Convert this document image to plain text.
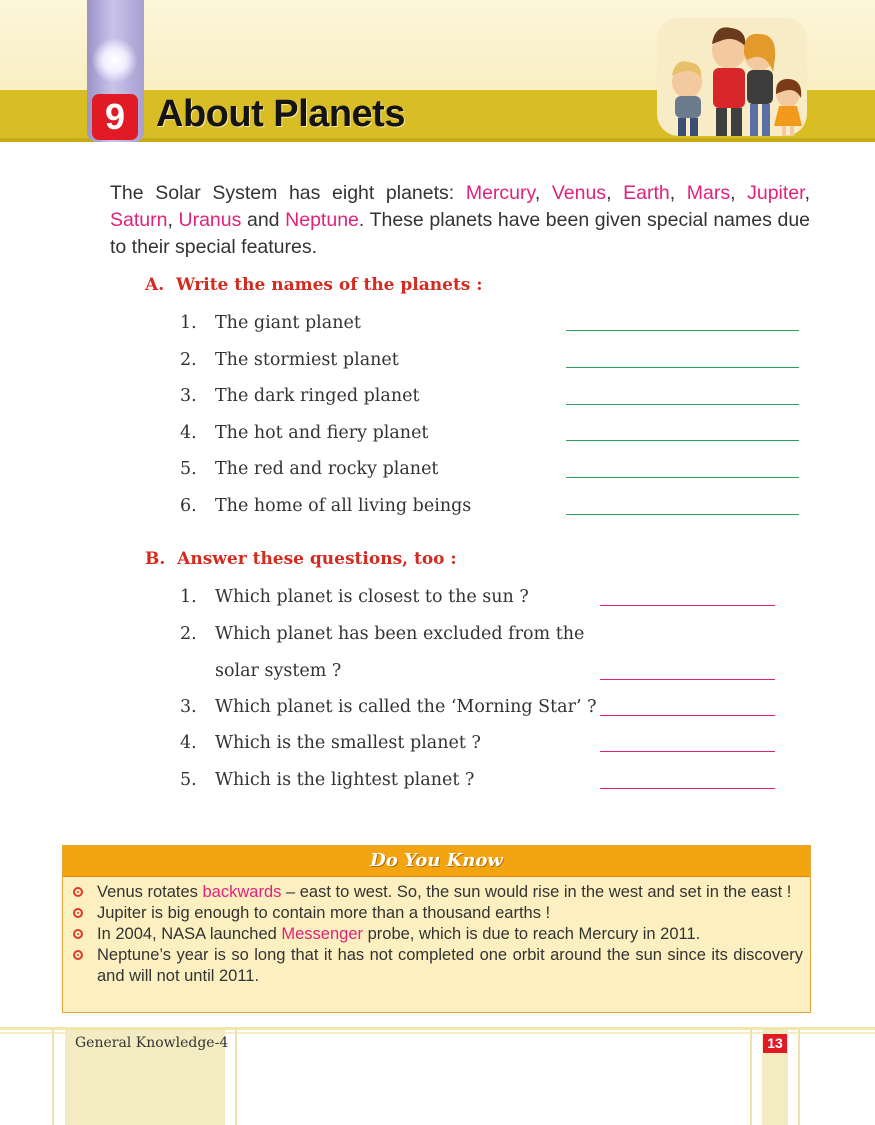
9 About Planets
The Solar System has eight planets: Mercury, Venus, Earth, Mars, Jupiter, Saturn, Uranus and Neptune. These planets have been given special names due to their special features.
A. Write the names of the planets :
1. The giant planet
2. The stormiest planet
3. The dark ringed planet
4. The hot and fiery planet
5. The red and rocky planet
6. The home of all living beings
B. Answer these questions, too :
1. Which planet is closest to the sun ?
2. Which planet has been excluded from the
solar system ?
3. Which planet is called the ‘Morning Star’ ?
4. Which is the smallest planet ?
5. Which is the lightest planet ?
Do You Know
Venus rotates backwards – east to west. So, the sun would rise in the west and set in the east !
Jupiter is big enough to contain more than a thousand earths !
In 2004, NASA launched Messenger probe, which is due to reach Mercury in 2011.
Neptune’s year is so long that it has not completed one orbit around the sun since its discovery and will not until 2011.
General Knowledge-4	13
